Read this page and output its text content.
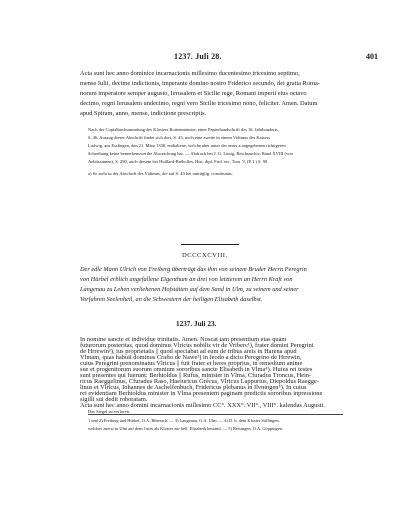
1237. Juli 28.	401
Acta sunt hec anno dominice incarnacionis millesimo ducentesimo tricesimo septimo,
mense Iulii, decime indictionis, imperante domino nostro Friderico secundo, dei gratia Roma-
norum imperatore semper augusto, Ierusalem et Sicilie rege, Romani imperii eius octavo
decimo, regni Ierusalem undecimo, regni vero Sicilie tricesimo nono, feliciter. Amen. Datum
apud Spiram, anno, mense, indictione prescriptis.
Nach der Copialbuchsammlung des Klosters Rottenmünster, einer Papierhandschrift des 16. Jahrhunderts,
S. 46. Auszug dieser Abschrift findet sich dort, S. 43, noch eine zweite in einem Vidimus des Kaisers
Ludwig, aus Esslingen, den 21. März 1330, enthaltene, welche aber unter der unter a angegebenen richtigeren
Schreibung keine bemerkenswerthe Abweichung hat. — Abdruck bei J. G. Lünig, Reichsarchiv, Band XVIII (von
Aebtissinnen), S. 290, auch diesem bei Huillard-Bréholles, Hist. dipl. Frid. sec. Tom. V, (P. I.) S. 90.
a) So steht in der Abschrift des Vidimus, die auf S. 43 bei untrüglig: constituatis.
DCCCXCVIII.
Der edle Mann Ulrich von Freiberg überträgt das ihm von seinem Bruder Herrn Peregrin
von Hürbel erblich angefallene Eigenthum an drei von letzterem an Herrn Kraft von
Langenau zu Lehen verliehenen Hofstätten auf dem Sand in Ulm, zu seinem und seiner
Vorfahren Seelenheil, an die Schwestern der heiligen Elisabeth daselbst.
1237. Juli 23.
In nomine sancte et individue trinitatis. Amen. Noscat tam presentium etas quam
futurorum posteritas, quod dominus Vlricus nobilis vir de Vriberc¹), frater domini Peregrini
de Hrrewin²), ius proprietatis || quod spectabat ad eum de tribus areis in Harena apud
Vlmam, quas habuit dominus Crafto de Nawe³) in feodo a dicto Peregrino de Hrrewin,
cuius Peregrini prenominatus Vlricus || fuit frater et heres proprius, in remedium anime
sue et progenitorum suorum omnium sororibus sancte Elisabeth in Vlma⁴). Huius rei testes
sunt presentes qui fuerunt: Berhtoldus || Rufus, minister in Vlma, Cfuradus Troncus, Hein-
ricus Raeggelinus, Cfuradus Raso, Haeiuricus Grécus, Vlricus Lappurius, Diepoldus Raegge-
linus et Vlricus, Iohannes de Aschelfenbuch, Fridericus plebanus in Ilvningen⁵). In cuius
rei evidentiam Berhtoldus minister in Vlma presentem paginam predictis sororibus inpressione
sigilli sui dedit roboratam.
Acta sunt hec anno domini incarnacionis millesimo CC°. XXX°. VII°., VIII°. kalendas Augusti.
Das Siegel ist verloren.
1 und 2) Freiberg und Hürbel, O.A. Biberach. — 3) Langenau, O.A. Ulm. — 4) D. h. dem Kloster Söflingen,
welches zuerst in Ulm auf dem Gries als Kloster zur hell. Elisabeth bestand. — 5) Reisingen, O.A. Göppingen.
